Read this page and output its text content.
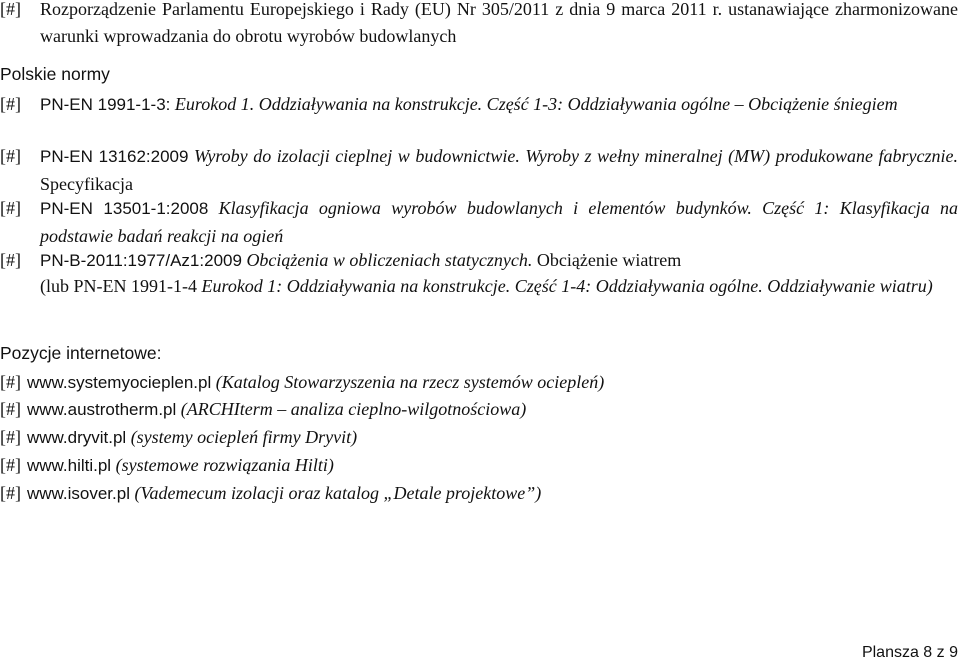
[#] Rozporządzenie Parlamentu Europejskiego i Rady (EU) Nr 305/2011 z dnia 9 marca 2011 r. ustanawiające zharmonizowane warunki wprowadzania do obrotu wyrobów budowlanych
Polskie normy
[#] PN-EN 1991-1-3: Eurokod 1. Oddziaływania na konstrukcje. Część 1-3: Oddziaływania ogólne – Obciążenie śniegiem
[#] PN-EN 13162:2009 Wyroby do izolacji cieplnej w budownictwie. Wyroby z wełny mineralnej (MW) produkowane fabrycznie. Specyfikacja
[#] PN-EN 13501-1:2008 Klasyfikacja ogniowa wyrobów budowlanych i elementów budynków. Część 1: Klasyfikacja na podstawie badań reakcji na ogień
[#] PN-B-2011:1977/Az1:2009 Obciążenia w obliczeniach statycznych. Obciążenie wiatrem
(lub PN-EN 1991-1-4 Eurokod 1: Oddziaływania na konstrukcje. Część 1-4: Oddziaływania ogólne. Oddziaływanie wiatru)
Pozycje internetowe:
[#] www.systemyocieplen.pl (Katalog Stowarzyszenia na rzecz systemów ociepleń)
[#] www.austrotherm.pl (ARCHIterm – analiza cieplno-wilgotnościowa)
[#] www.dryvit.pl (systemy ociepleń firmy Dryvit)
[#] www.hilti.pl (systemowe rozwiązania Hilti)
[#] www.isover.pl (Vademecum izolacji oraz katalog „Detale projektowe”)
Plansza 8 z 9
